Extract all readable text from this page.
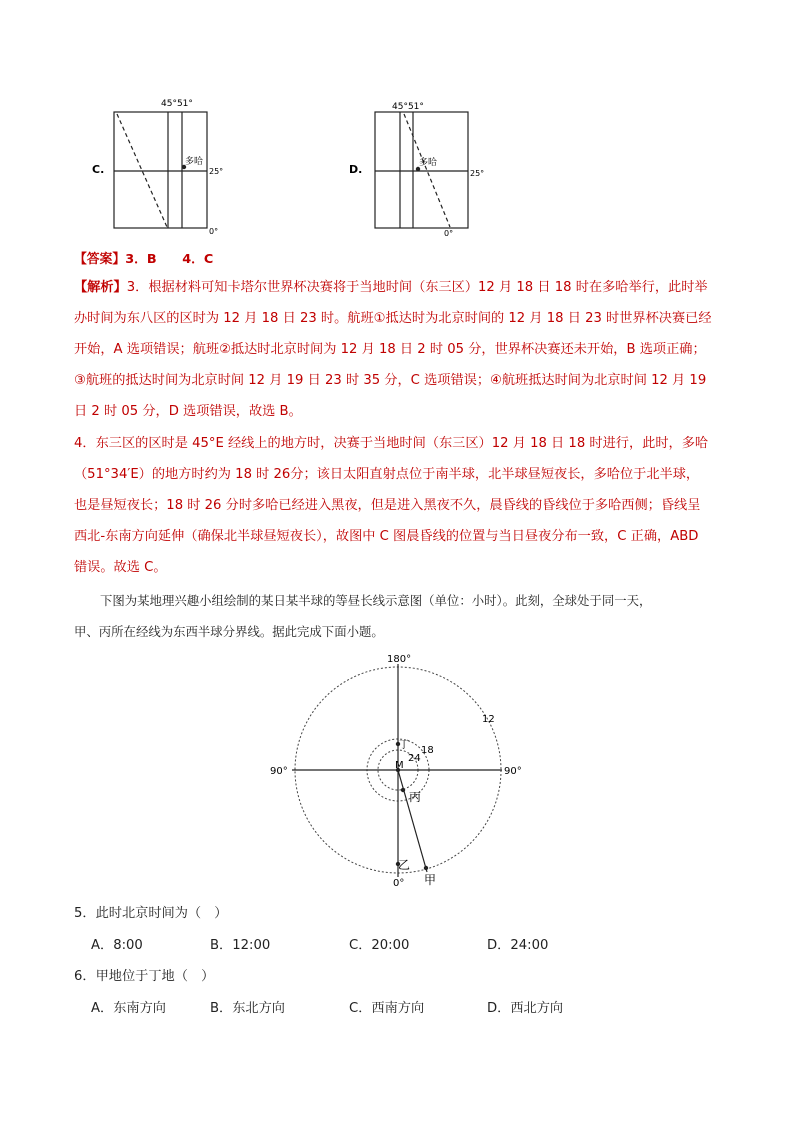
45°51°
多哈
25°
0°
C.
45°51°
多哈
25°
0°
D.
【答案】3．B　　4．C
【解析】3．根据材料可知卡塔尔世界杯决赛将于当地时间（东三区）12 月 18 日 18 时在多哈举行，此时举
办时间为东八区的区时为 12 月 18 日 23 时。航班①抵达时为北京时间的 12 月 18 日 23 时世界杯决赛已经
开始，A 选项错误；航班②抵达时北京时间为 12 月 18 日 2 时 05 分，世界杯决赛还未开始，B 选项正确；
③航班的抵达时间为北京时间 12 月 19 日 23 时 35 分，C 选项错误；④航班抵达时间为北京时间 12 月 19
日 2 时 05 分，D 选项错误，故选 B。
4．东三区的区时是 45°E 经线上的地方时，决赛于当地时间（东三区）12 月 18 日 18 时进行，此时，多哈
（51°34′E）的地方时约为 18 时 26分；该日太阳直射点位于南半球，北半球昼短夜长，多哈位于北半球，
也是昼短夜长；18 时 26 分时多哈已经进入黑夜，但是进入黑夜不久，晨昏线的昏线位于多哈西侧；昏线呈
西北-东南方向延伸（确保北半球昼短夜长），故图中 C 图晨昏线的位置与当日昼夜分布一致，C 正确，ABD
错误。故选 C。
下图为某地理兴趣小组绘制的某日某半球的等昼长线示意图（单位：小时）。此刻，全球处于同一天，
甲、丙所在经线为东西半球分界线。据此完成下面小题。
180°
90°	90°
0°
12
18
24
M
丁
丙
乙
甲
5．此时北京时间为（　）
A．8:00	B．12:00	C．20:00	D．24:00
6．甲地位于丁地（　）
A．东南方向	B．东北方向	C．西南方向	D．西北方向
